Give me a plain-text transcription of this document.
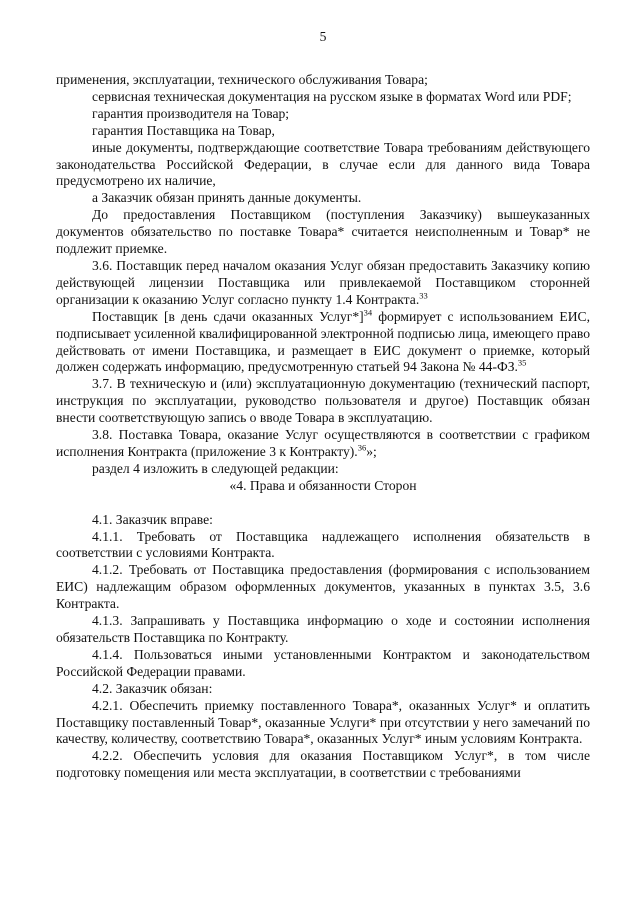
5

применения, эксплуатации, технического обслуживания Товара;

сервисная техническая документация на русском языке в форматах Word или PDF;

гарантия производителя на Товар;

гарантия Поставщика на Товар,

иные документы, подтверждающие соответствие Товара требованиям действующего законодательства Российской Федерации, в случае если для данного вида Товара предусмотрено их наличие,

а Заказчик обязан принять данные документы.

До предоставления Поставщиком (поступления Заказчику) вышеуказанных документов обязательство по поставке Товара* считается неисполненным и Товар* не подлежит приемке.

3.6. Поставщик перед началом оказания Услуг обязан предоставить Заказчику копию действующей лицензии Поставщика или привлекаемой Поставщиком сторонней организации к оказанию Услуг согласно пункту 1.4 Контракта.$^{33}$

Поставщик [в день сдачи оказанных Услуг*]$^{34}$ формирует с использованием ЕИС, подписывает усиленной квалифицированной электронной подписью лица, имеющего право действовать от имени Поставщика, и размещает в ЕИС документ о приемке, который должен содержать информацию, предусмотренную статьей 94 Закона № 44-ФЗ.$^{35}$

3.7. В техническую и (или) эксплуатационную документацию (технический паспорт, инструкция по эксплуатации, руководство пользователя и другое) Поставщик обязан внести соответствующую запись о вводе Товара в эксплуатацию.

3.8. Поставка Товара, оказание Услуг осуществляются в соответствии с графиком исполнения Контракта (приложение 3 к Контракту).$^{36}$»;

раздел 4 изложить в следующей редакции:

«4. Права и обязанности Сторон

4.1. Заказчик вправе:

4.1.1. Требовать от Поставщика надлежащего исполнения обязательств в соответствии с условиями Контракта.

4.1.2. Требовать от Поставщика предоставления (формирования с использованием ЕИС) надлежащим образом оформленных документов, указанных в пунктах 3.5, 3.6 Контракта.

4.1.3. Запрашивать у Поставщика информацию о ходе и состоянии исполнения обязательств Поставщика по Контракту.

4.1.4. Пользоваться иными установленными Контрактом и законодательством Российской Федерации правами.

4.2. Заказчик обязан:

4.2.1. Обеспечить приемку поставленного Товара*, оказанных Услуг* и оплатить Поставщику поставленный Товар*, оказанные Услуги* при отсутствии у него замечаний по качеству, количеству, соответствию Товара*, оказанных Услуг* иным условиям Контракта.

4.2.2. Обеспечить условия для оказания Поставщиком Услуг*, в том числе подготовку помещения или места эксплуатации, в соответствии с требованиями
